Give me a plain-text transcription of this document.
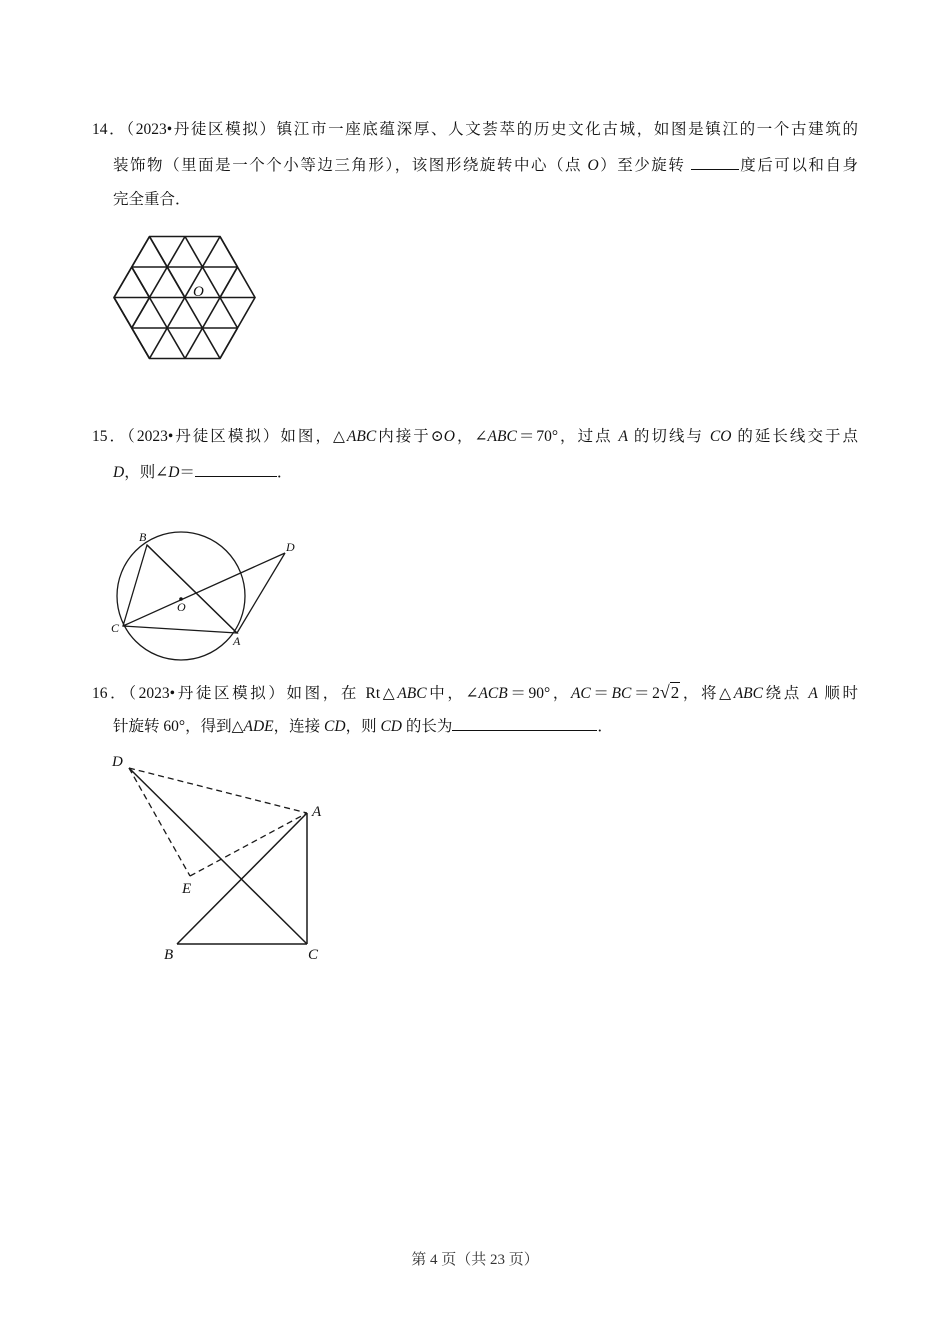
14．（2023•丹徒区模拟）镇江市一座底蕴深厚、人文荟萃的历史文化古城，如图是镇江的一个古建筑的
装饰物（里面是一个个小等边三角形），该图形绕旋转中心（点 O）至少旋转	度后可以和自身
完全重合．
O
15．（2023•丹徒区模拟）如图，△ABC内接于⊙O，∠ABC＝70°，过点 A 的切线与 CO 的延长线交于点
D，则∠D＝	．
B
C
A
D
O
16．（2023•丹徒区模拟）如图，在 Rt△ABC中，∠ACB＝90°，AC＝BC＝2√2，将△ABC绕点 A 顺时
针旋转 60°，得到△ADE，连接 CD，则 CD 的长为	．
D
A
E
B	C
第 4 页（共 23 页）
